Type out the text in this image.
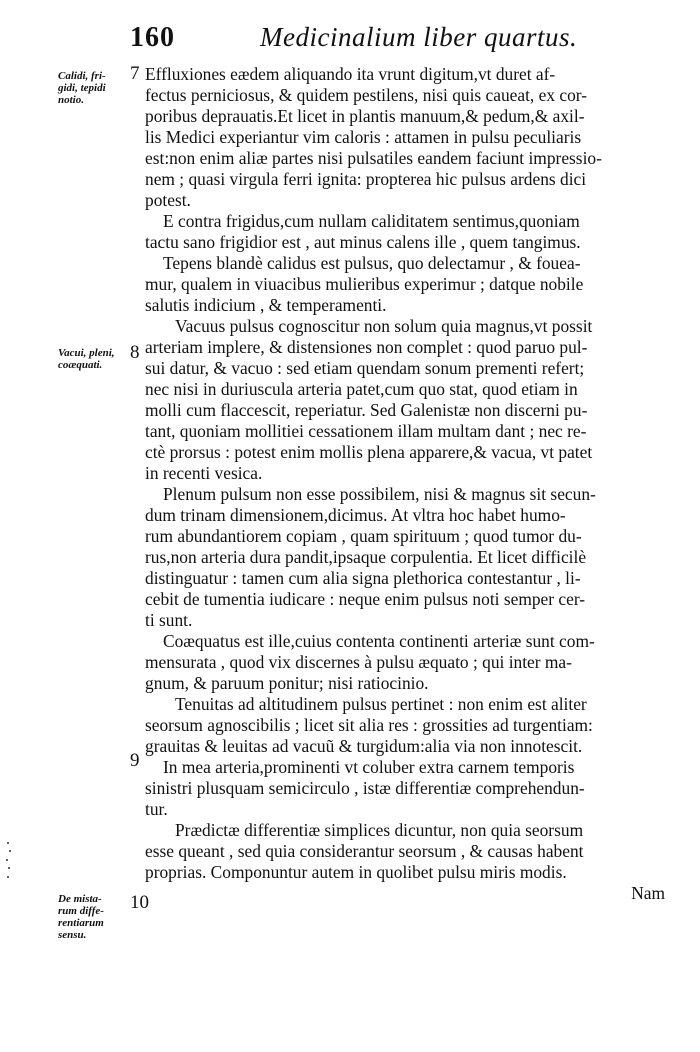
160	Medicinalium liber quartus.
Calidi, fri-
gidi, tepidi
notio.
Vacui, pleni,
coæquati.
De mista-
rum diffe-
rentiarum
sensu.
7
8
9
10
Effluxiones eædem aliquando ita vrunt digitum,vt duret af-
fectus perniciosus, & quidem pestilens, nisi quis caueat, ex cor-
poribus deprauatis.Et licet in plantis manuum,& pedum,& axil-
lis Medici experiantur vim caloris : attamen in pulsu peculiaris
est:non enim aliæ partes nisi pulsatiles eandem faciunt impressio-
nem ; quasi virgula ferri ignita: propterea hic pulsus ardens dici
potest.
E contra frigidus,cum nullam caliditatem sentimus,quoniam
tactu sano frigidior est , aut minus calens ille , quem tangimus.
Tepens blandè calidus est pulsus, quo delectamur , & fouea-
mur, qualem in viuacibus mulieribus experimur ; datque nobile
salutis indicium , & temperamenti.
Vacuus pulsus cognoscitur non solum quia magnus,vt possit
arteriam implere, & distensiones non complet : quod paruo pul-
sui datur, & vacuo : sed etiam quendam sonum prementi refert;
nec nisi in duriuscula arteria patet,cum quo stat, quod etiam in
molli cum flaccescit, reperiatur. Sed Galenistæ non discerni pu-
tant, quoniam mollitiei cessationem illam multam dant ; nec re-
ctè prorsus : potest enim mollis plena apparere,& vacua, vt patet
in recenti vesica.
Plenum pulsum non esse possibilem, nisi & magnus sit secun-
dum trinam dimensionem,dicimus. At vltra hoc habet humo-
rum abundantiorem copiam , quam spirituum ; quod tumor du-
rus,non arteria dura pandit,ipsaque corpulentia. Et licet difficilè
distinguatur : tamen cum alia signa plethorica contestantur , li-
cebit de tumentia iudicare : neque enim pulsus noti semper cer-
ti sunt.
Coæquatus est ille,cuius contenta continenti arteriæ sunt com-
mensurata , quod vix discernes à pulsu æquato ; qui inter ma-
gnum, & paruum ponitur; nisi ratiocinio.
Tenuitas ad altitudinem pulsus pertinet : non enim est aliter
seorsum agnoscibilis ; licet sit alia res : grossities ad turgentiam:
grauitas & leuitas ad vacuũ & turgidum:alia via non innotescit.
In mea arteria,prominenti vt coluber extra carnem temporis
sinistri plusquam semicirculo , istæ differentiæ comprehendun-
tur.
Prædictæ differentiæ simplices dicuntur, non quia seorsum
esse queant , sed quia considerantur seorsum , & causas habent
proprias. Componuntur autem in quolibet pulsu miris modis.
Nam
